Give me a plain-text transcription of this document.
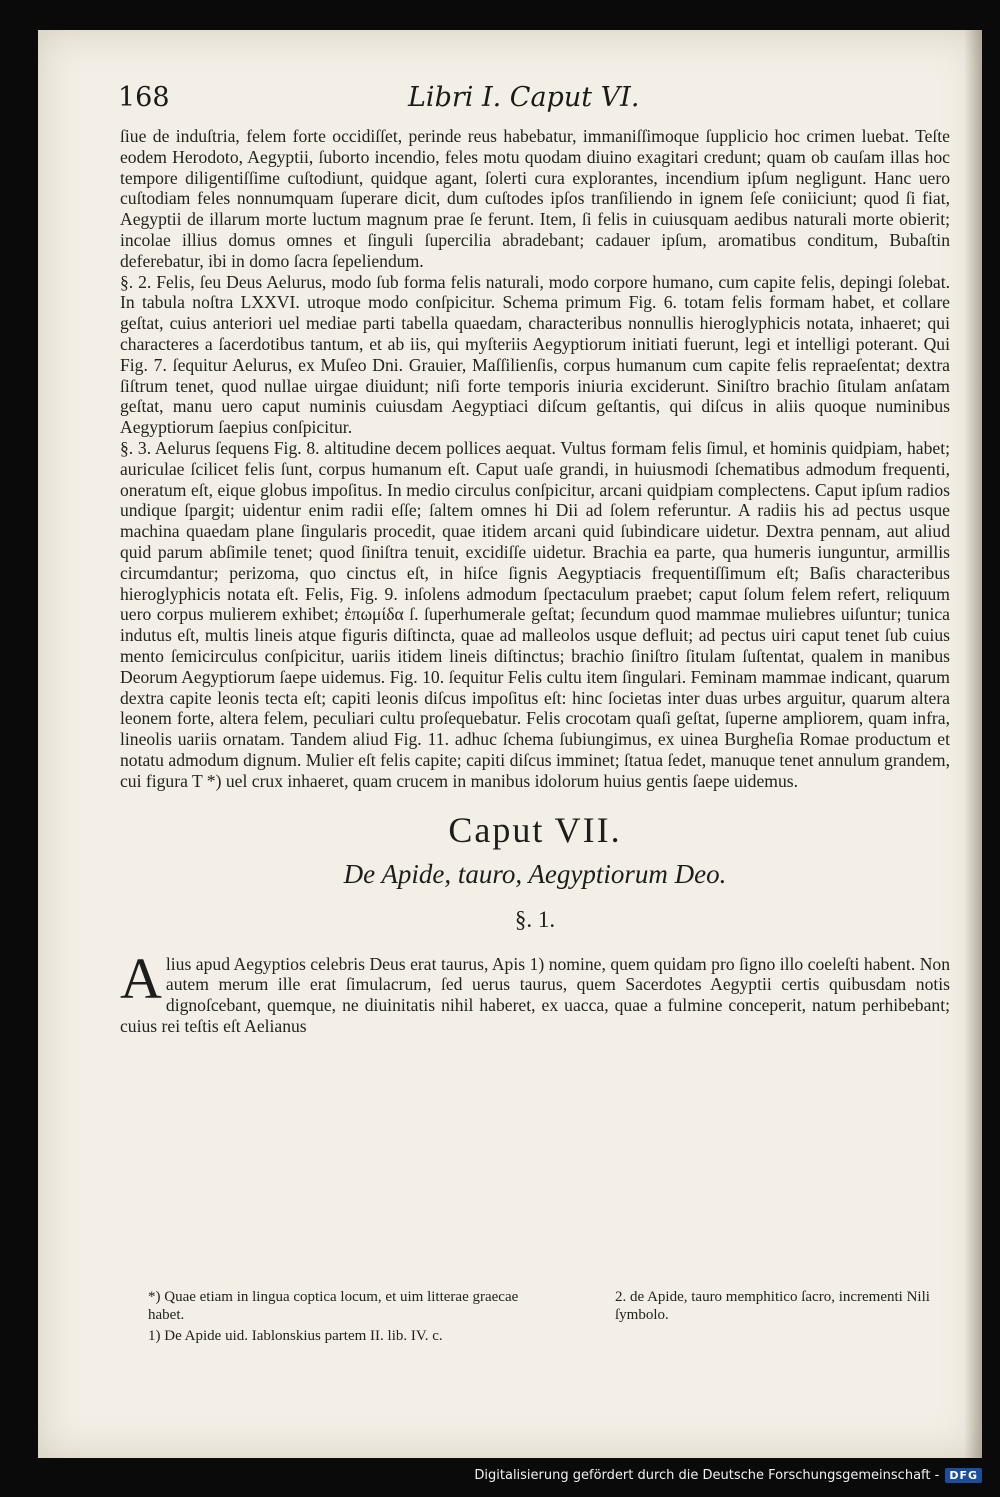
168	Libri I. Caput VI.

ſiue de induſtria, felem forte occidiſſet, perinde reus habebatur, immaniſſimoque ſupplicio hoc crimen luebat. Teſte eodem Herodoto, Aegyptii, ſuborto incendio, feles motu quodam diuino exagitari credunt; quam ob cauſam illas hoc tempore diligentiſſime cuſtodiunt, quidque agant, ſolerti cura explorantes, incendium ipſum negligunt. Hanc uero cuſtodiam feles nonnumquam ſuperare dicit, dum cuſtodes ipſos tranſiliendo in ignem ſeſe coniiciunt; quod ſi fiat, Aegyptii de illarum morte luctum magnum prae ſe ferunt. Item, ſi felis in cuiusquam aedibus naturali morte obierit; incolae illius domus omnes et ſinguli ſupercilia abradebant; cadauer ipſum, aromatibus conditum, Bubaſtin deferebatur, ibi in domo ſacra ſepeliendum.

§. 2. Felis, ſeu Deus Aelurus, modo ſub forma felis naturali, modo corpore humano, cum capite felis, depingi ſolebat. In tabula noſtra LXXVI. utroque modo conſpicitur. Schema primum Fig. 6. totam felis formam habet, et collare geſtat, cuius anteriori uel mediae parti tabella quaedam, characteribus nonnullis hieroglyphicis notata, inhaeret; qui characteres a ſacerdotibus tantum, et ab iis, qui myſteriis Aegyptiorum initiati fuerunt, legi et intelligi poterant. Qui Fig. 7. ſequitur Aelurus, ex Muſeo Dni. Grauier, Maſſilienſis, corpus humanum cum capite felis repraeſentat; dextra ſiſtrum tenet, quod nullae uirgae diuidunt; niſi forte temporis iniuria exciderunt. Siniſtro brachio ſitulam anſatam geſtat, manu uero caput numinis cuiusdam Aegyptiaci diſcum geſtantis, qui diſcus in aliis quoque numinibus Aegyptiorum ſaepius conſpicitur.

§. 3. Aelurus ſequens Fig. 8. altitudine decem pollices aequat. Vultus formam felis ſimul, et hominis quidpiam, habet; auriculae ſcilicet felis ſunt, corpus humanum eſt. Caput uaſe grandi, in huiusmodi ſchematibus admodum frequenti, oneratum eſt, eique globus impoſitus. In medio circulus conſpicitur, arcani quidpiam complectens. Caput ipſum radios undique ſpargit; uidentur enim radii eſſe; ſaltem omnes hi Dii ad ſolem referuntur. A radiis his ad pectus usque machina quaedam plane ſingularis procedit, quae itidem arcani quid ſubindicare uidetur. Dextra pennam, aut aliud quid parum abſimile tenet; quod ſiniſtra tenuit, excidiſſe uidetur. Brachia ea parte, qua humeris iunguntur, armillis circumdantur; perizoma, quo cinctus eſt, in hiſce ſignis Aegyptiacis frequentiſſimum eſt; Baſis characteribus hieroglyphicis notata eſt. Felis, Fig. 9. inſolens admodum ſpectaculum praebet; caput ſolum felem refert, reliquum uero corpus mulierem exhibet; ἐπωμίδα ſ. ſuperhumerale geſtat; ſecundum quod mammae muliebres uiſuntur; tunica indutus eſt, multis lineis atque figuris diſtincta, quae ad malleolos usque defluit; ad pectus uiri caput tenet ſub cuius mento ſemicirculus conſpicitur, uariis itidem lineis diſtinctus; brachio ſiniſtro ſitulam ſuſtentat, qualem in manibus Deorum Aegyptiorum ſaepe uidemus. Fig. 10. ſequitur Felis cultu item ſingulari. Feminam mammae indicant, quarum dextra capite leonis tecta eſt; capiti leonis diſcus impoſitus eſt: hinc ſocietas inter duas urbes arguitur, quarum altera leonem forte, altera felem, peculiari cultu proſequebatur. Felis crocotam quaſi geſtat, ſuperne ampliorem, quam infra, lineolis uariis ornatam. Tandem aliud Fig. 11. adhuc ſchema ſubiungimus, ex uinea Burgheſia Romae productum et notatu admodum dignum. Mulier eſt felis capite; capiti diſcus imminet; ſtatua ſedet, manuque tenet annulum grandem, cui figura T *) uel crux inhaeret, quam crucem in manibus idolorum huius gentis ſaepe uidemus.

Caput VII.
De Apide, tauro, Aegyptiorum Deo.
§. 1.

A lius apud Aegyptios celebris Deus erat taurus, Apis 1) nomine, quem quidam pro ſigno illo coeleſti habent. Non autem merum ille erat ſimulacrum, ſed uerus taurus, quem Sacerdotes Aegyptii certis quibusdam notis dignoſcebant, quemque, ne diuinitatis nihil haberet, ex uacca, quae a fulmine conceperit, natum perhibebant; cuius rei teſtis eſt Aelianus

*) Quae etiam in lingua coptica locum, et uim litterae graecae habet.

1) De Apide uid. Iablonskius partem II. lib. IV. c.

2. de Apide, tauro memphitico ſacro, incrementi Nili ſymbolo.

Digitalisierung gefördert durch die Deutsche Forschungsgemeinschaft - DFG
